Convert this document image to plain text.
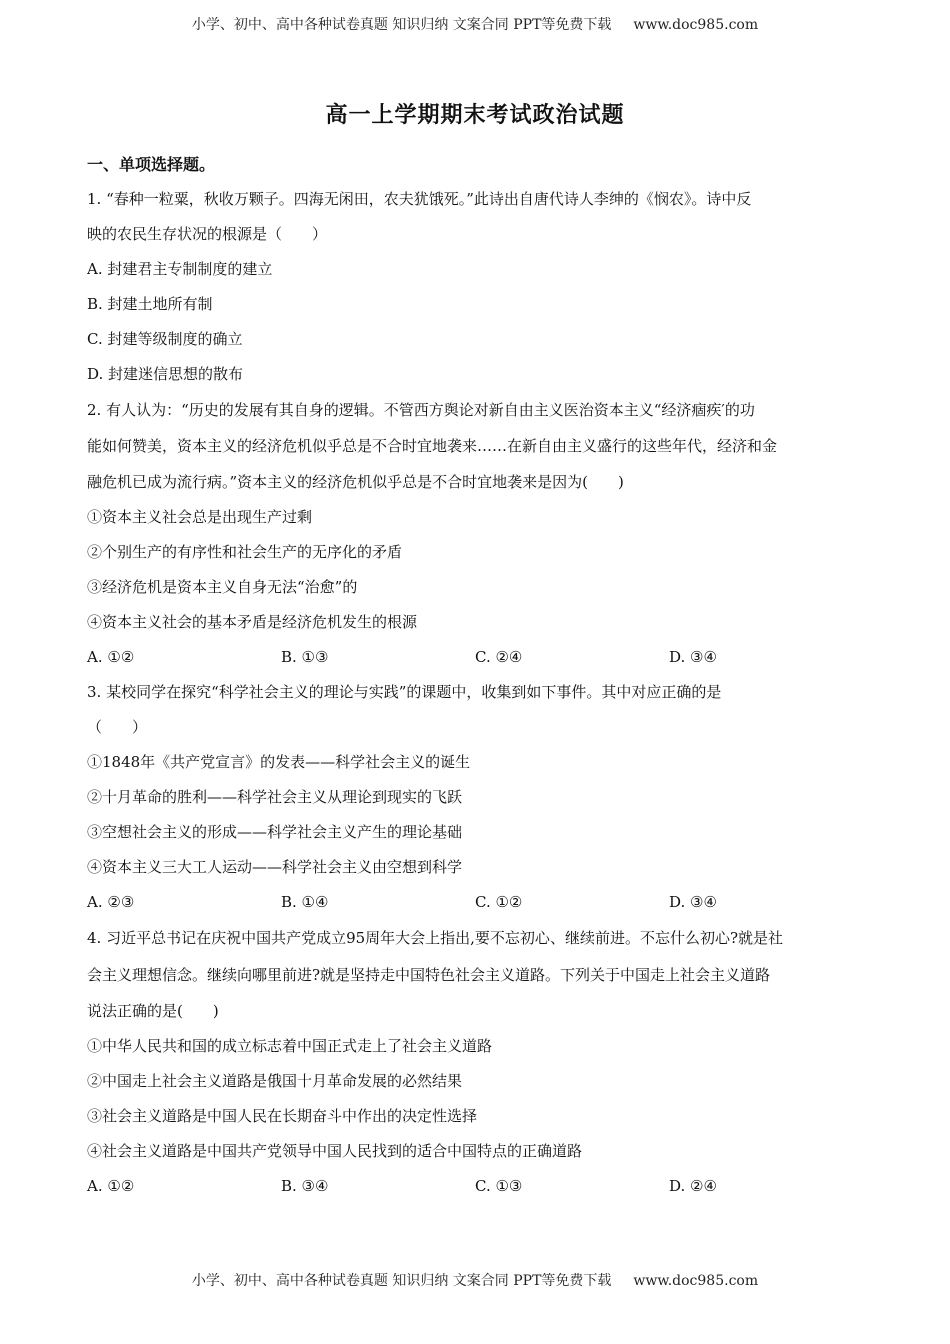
小学、初中、高中各种试卷真题 知识归纳 文案合同 PPT等免费下载 www.doc985.com
高一上学期期末考试政治试题
一、单项选择题。
1. “春种一粒粟，秋收万颗子。四海无闲田，农夫犹饿死。”此诗出自唐代诗人李绅的《悯农》。诗中反
映的农民生存状况的根源是（　　）
A. 封建君主专制制度的建立
B. 封建土地所有制
C. 封建等级制度的确立
D. 封建迷信思想的散布
2. 有人认为：“历史的发展有其自身的逻辑。不管西方舆论对新自由主义医治资本主义“经济痼疾′的功
能如何赞美，资本主义的经济危机似乎总是不合时宜地袭来……在新自由主义盛行的这些年代，经济和金
融危机已成为流行病。”资本主义的经济危机似乎总是不合时宜地袭来是因为(　　)
①资本主义社会总是出现生产过剩
②个别生产的有序性和社会生产的无序化的矛盾
③经济危机是资本主义自身无法“治愈”的
④资本主义社会的基本矛盾是经济危机发生的根源
A. ①②	B. ①③	C. ②④	D. ③④
3. 某校同学在探究“科学社会主义的理论与实践”的课题中，收集到如下事件。其中对应正确的是
（　　）
①1848年《共产党宣言》的发表——科学社会主义的诞生
②十月革命的胜利——科学社会主义从理论到现实的飞跃
③空想社会主义的形成——科学社会主义产生的理论基础
④资本主义三大工人运动——科学社会主义由空想到科学
A. ②③	B. ①④	C. ①②	D. ③④
4. 习近平总书记在庆祝中国共产党成立95周年大会上指出,要不忘初心、继续前进。不忘什么初心?就是社
会主义理想信念。继续向哪里前进?就是坚持走中国特色社会主义道路。下列关于中国走上社会主义道路
说法正确的是(　　)
①中华人民共和国的成立标志着中国正式走上了社会主义道路
②中国走上社会主义道路是俄国十月革命发展的必然结果
③社会主义道路是中国人民在长期奋斗中作出的决定性选择
④社会主义道路是中国共产党领导中国人民找到的适合中国特点的正确道路
A. ①②	B. ③④	C. ①③	D. ②④
小学、初中、高中各种试卷真题 知识归纳 文案合同 PPT等免费下载 www.doc985.com
